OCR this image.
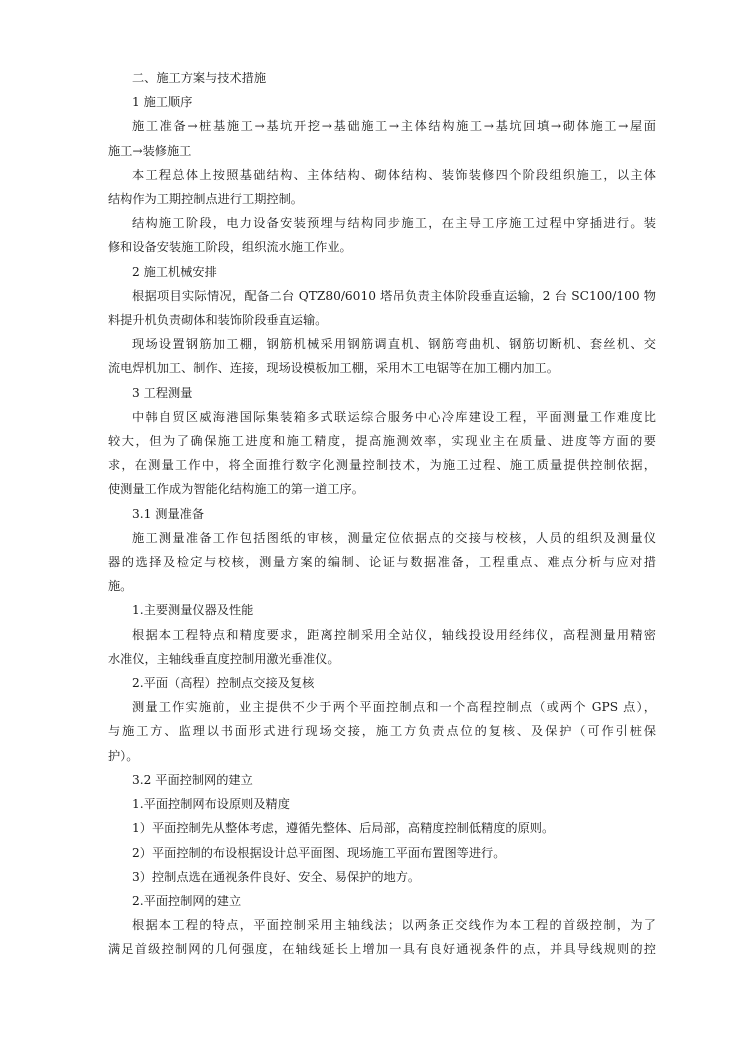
二、施工方案与技术措施
1 施工顺序
施工准备→桩基施工→基坑开挖→基础施工→主体结构施工→基坑回填→砌体施工→屋面
施工→装修施工
本工程总体上按照基础结构、主体结构、砌体结构、装饰装修四个阶段组织施工，以主体
结构作为工期控制点进行工期控制。
结构施工阶段，电力设备安装预埋与结构同步施工，在主导工序施工过程中穿插进行。装
修和设备安装施工阶段，组织流水施工作业。
2 施工机械安排
根据项目实际情况，配备二台 QTZ80/6010 塔吊负责主体阶段垂直运输，2 台 SC100/100 物
料提升机负责砌体和装饰阶段垂直运输。
现场设置钢筋加工棚，钢筋机械采用钢筋调直机、钢筋弯曲机、钢筋切断机、套丝机、交
流电焊机加工、制作、连接，现场设模板加工棚，采用木工电锯等在加工棚内加工。
3 工程测量
中韩自贸区威海港国际集装箱多式联运综合服务中心冷库建设工程，平面测量工作难度比
较大，但为了确保施工进度和施工精度，提高施测效率，实现业主在质量、进度等方面的要
求，在测量工作中，将全面推行数字化测量控制技术，为施工过程、施工质量提供控制依据，
使测量工作成为智能化结构施工的第一道工序。
3.1 测量准备
施工测量准备工作包括图纸的审核，测量定位依据点的交接与校核，人员的组织及测量仪
器的选择及检定与校核，测量方案的编制、论证与数据准备，工程重点、难点分析与应对措
施。
1.主要测量仪器及性能
根据本工程特点和精度要求，距离控制采用全站仪，轴线投设用经纬仪，高程测量用精密
水准仪，主轴线垂直度控制用激光垂准仪。
2.平面（高程）控制点交接及复核
测量工作实施前，业主提供不少于两个平面控制点和一个高程控制点（或两个 GPS 点），
与施工方、监理以书面形式进行现场交接，施工方负责点位的复核、及保护（可作引桩保
护）。
3.2 平面控制网的建立
1.平面控制网布设原则及精度
1）平面控制先从整体考虑，遵循先整体、后局部，高精度控制低精度的原则。
2）平面控制的布设根据设计总平面图、现场施工平面布置图等进行。
3）控制点选在通视条件良好、安全、易保护的地方。
2.平面控制网的建立
根据本工程的特点，平面控制采用主轴线法；以两条正交线作为本工程的首级控制，为了
满足首级控制网的几何强度，在轴线延长上增加一具有良好通视条件的点，并具导线规则的控
